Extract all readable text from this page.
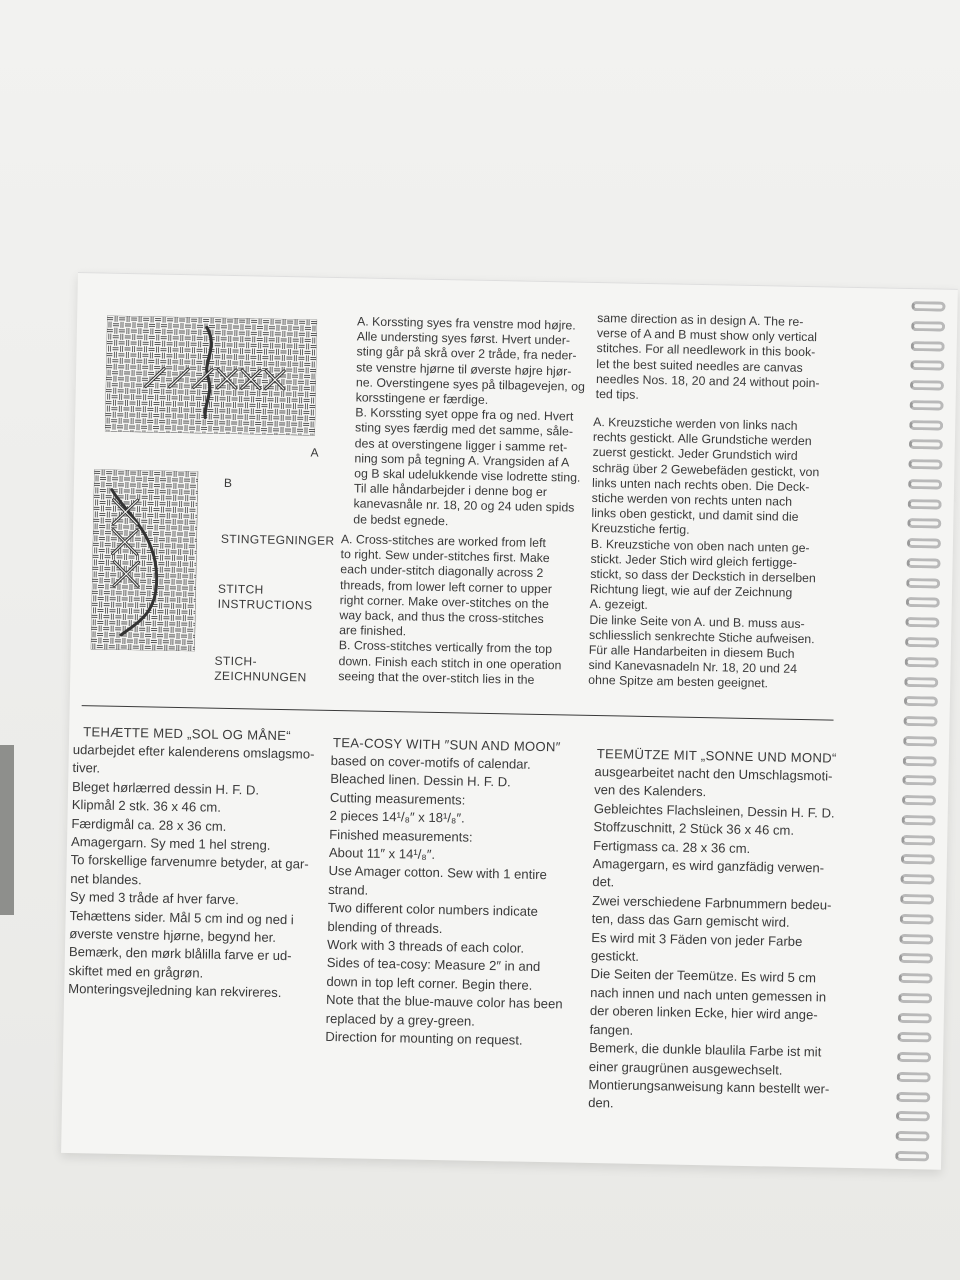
A
B
STINGTEGNINGER
STITCH
INSTRUCTIONS
STICH-
ZEICHNUNGEN

A. Korssting syes fra venstre mod højre.
Alle understing syes først. Hvert under-
sting går på skrå over 2 tråde, fra neder-
ste venstre hjørne til øverste højre hjør-
ne. Overstingene syes på tilbagevejen, og
korsstingene er færdige.
B. Korssting syet oppe fra og ned. Hvert
sting syes færdig med det samme, såle-
des at overstingene ligger i samme ret-
ning som på tegning A. Vrangsiden af A
og B skal udelukkende vise lodrette sting.
Til alle håndarbejder i denne bog er
kanevasnåle nr. 18, 20 og 24 uden spids
de bedst egnede.

A. Cross-stitches are worked from left
to right. Sew under-stitches first. Make
each under-stitch diagonally across 2
threads, from lower left corner to upper
right corner. Make over-stitches on the
way back, and thus the cross-stitches
are finished.
B. Cross-stitches vertically from the top
down. Finish each stitch in one operation
seeing that the over-stitch lies in the

same direction as in design A. The re-
verse of A and B must show only vertical
stitches. For all needlework in this book-
let the best suited needles are canvas
needles Nos. 18, 20 and 24 without poin-
ted tips.

A. Kreuzstiche werden von links nach
rechts gestickt. Alle Grundstiche werden
zuerst gestickt. Jeder Grundstich wird
schräg über 2 Gewebefäden gestickt, von
links unten nach rechts oben. Die Deck-
stiche werden von rechts unten nach
links oben gestickt, und damit sind die
Kreuzstiche fertig.
B. Kreuzstiche von oben nach unten ge-
stickt. Jeder Stich wird gleich fertigge-
stickt, so dass der Deckstich in derselben
Richtung liegt, wie auf der Zeichnung
A. gezeigt.
Die linke Seite von A. und B. muss aus-
schliesslich senkrechte Stiche aufweisen.
Für alle Handarbeiten in diesem Buch
sind Kanevasnadeln Nr. 18, 20 und 24
ohne Spitze am besten geeignet.

TEHÆTTE MED „SOL OG MÅNE“

udarbejdet efter kalenderens omslagsmo-
tiver.
Bleget hørlærred dessin H. F. D.
Klipmål 2 stk. 36 x 46 cm.
Færdigmål ca. 28 x 36 cm.
Amagergarn. Sy med 1 hel streng.
To forskellige farvenumre betyder, at gar-
net blandes.
Sy med 3 tråde af hver farve.
Tehættens sider. Mål 5 cm ind og ned i
øverste venstre hjørne, begynd her.
Bemærk, den mørk blålilla farve er ud-
skiftet med en grågrøn.
Monteringsvejledning kan rekvireres.

TEA-COSY WITH ″SUN AND MOON″

based on cover-motifs of calendar.
Bleached linen. Dessin H. F. D.
Cutting measurements:
2 pieces 14¹/₈″ x 18¹/₈″.
Finished measurements:
About 11″ x 14¹/₈″.
Use Amager cotton. Sew with 1 entire
strand.
Two different color numbers indicate
blending of threads.
Work with 3 threads of each color.
Sides of tea-cosy: Measure 2″ in and
down in top left corner. Begin there.
Note that the blue-mauve color has been
replaced by a grey-green.
Direction for mounting on request.

TEEMÜTZE MIT „SONNE UND MOND“

ausgearbeitet nacht den Umschlagsmoti-
ven des Kalenders.
Gebleichtes Flachsleinen, Dessin H. F. D.
Stoffzuschnitt, 2 Stück 36 x 46 cm.
Fertigmass ca. 28 x 36 cm.
Amagergarn, es wird ganzfädig verwen-
det.
Zwei verschiedene Farbnummern bedeu-
ten, dass das Garn gemischt wird.
Es wird mit 3 Fäden von jeder Farbe
gestickt.
Die Seiten der Teemütze. Es wird 5 cm
nach innen und nach unten gemessen in
der oberen linken Ecke, hier wird ange-
fangen.
Bemerk, die dunkle blaulila Farbe ist mit
einer graugrünen ausgewechselt.
Montierungsanweisung kann bestellt wer-
den.
